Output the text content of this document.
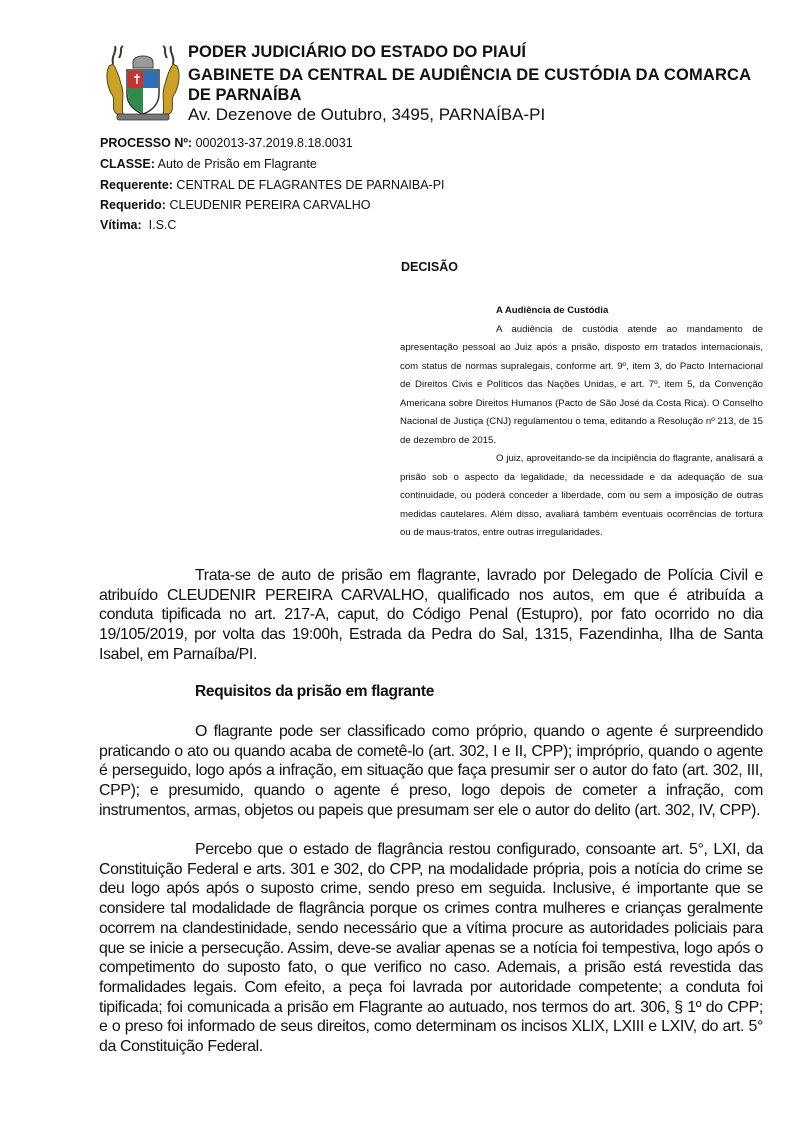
PODER JUDICIÁRIO DO ESTADO DO PIAUÍ
GABINETE DA CENTRAL DE AUDIÊNCIA DE CUSTÓDIA DA COMARCA
DE PARNAÍBA
Av. Dezenove de Outubro, 3495, PARNAÍBA-PI
PROCESSO Nº: 0002013-37.2019.8.18.0031
CLASSE: Auto de Prisão em Flagrante
Requerente: CENTRAL DE FLAGRANTES DE PARNAIBA-PI
Requerido: CLEUDENIR PEREIRA CARVALHO
Vítima: I.S.C
DECISÃO
A Audiência de Custódia

A audiência de custódia atende ao mandamento de apresentação pessoal ao Juiz após a prisão, disposto em tratados internacionais, com status de normas supralegais, conforme art. 9º, item 3, do Pacto Internacional de Direitos Civis e Políticos das Nações Unidas, e art. 7º, item 5, da Convenção Americana sobre Direitos Humanos (Pacto de São José da Costa Rica). O Conselho Nacional de Justiça (CNJ) regulamentou o tema, editando a Resolução nº 213, de 15 de dezembro de 2015.

O juiz, aproveitando-se da incipiência do flagrante, analisará a prisão sob o aspecto da legalidade, da necessidade e da adequação de sua continuidade, ou poderá conceder a liberdade, com ou sem a imposição de outras medidas cautelares. Além disso, avaliará também eventuais ocorrências de tortura ou de maus-tratos, entre outras irregularidades.

Trata-se de auto de prisão em flagrante, lavrado por Delegado de Polícia Civil e atribuído CLEUDENIR PEREIRA CARVALHO, qualificado nos autos, em que é atribuída a conduta tipificada no art. 217-A, caput, do Código Penal (Estupro), por fato ocorrido no dia 19/105/2019, por volta das 19:00h, Estrada da Pedra do Sal, 1315, Fazendinha, Ilha de Santa Isabel, em Parnaíba/PI.

Requisitos da prisão em flagrante

O flagrante pode ser classificado como próprio, quando o agente é surpreendido praticando o ato ou quando acaba de cometê-lo (art. 302, I e II, CPP); impróprio, quando o agente é perseguido, logo após a infração, em situação que faça presumir ser o autor do fato (art. 302, III, CPP); e presumido, quando o agente é preso, logo depois de cometer a infração, com instrumentos, armas, objetos ou papeis que presumam ser ele o autor do delito (art. 302, IV, CPP).

Percebo que o estado de flagrância restou configurado, consoante art. 5°, LXI, da Constituição Federal e arts. 301 e 302, do CPP, na modalidade própria, pois a notícia do crime se deu logo após após o suposto crime, sendo preso em seguida. Inclusive, é importante que se considere tal modalidade de flagrância porque os crimes contra mulheres e crianças geralmente ocorrem na clandestinidade, sendo necessário que a vítima procure as autoridades policiais para que se inicie a persecução. Assim, deve-se avaliar apenas se a notícia foi tempestiva, logo após o competimento do suposto fato, o que verifico no caso. Ademais, a prisão está revestida das formalidades legais. Com efeito, a peça foi lavrada por autoridade competente; a conduta foi tipificada; foi comunicada a prisão em Flagrante ao autuado, nos termos do art. 306, § 1º do CPP; e o preso foi informado de seus direitos, como determinam os incisos XLIX, LXIII e LXIV, do art. 5° da Constituição Federal.
